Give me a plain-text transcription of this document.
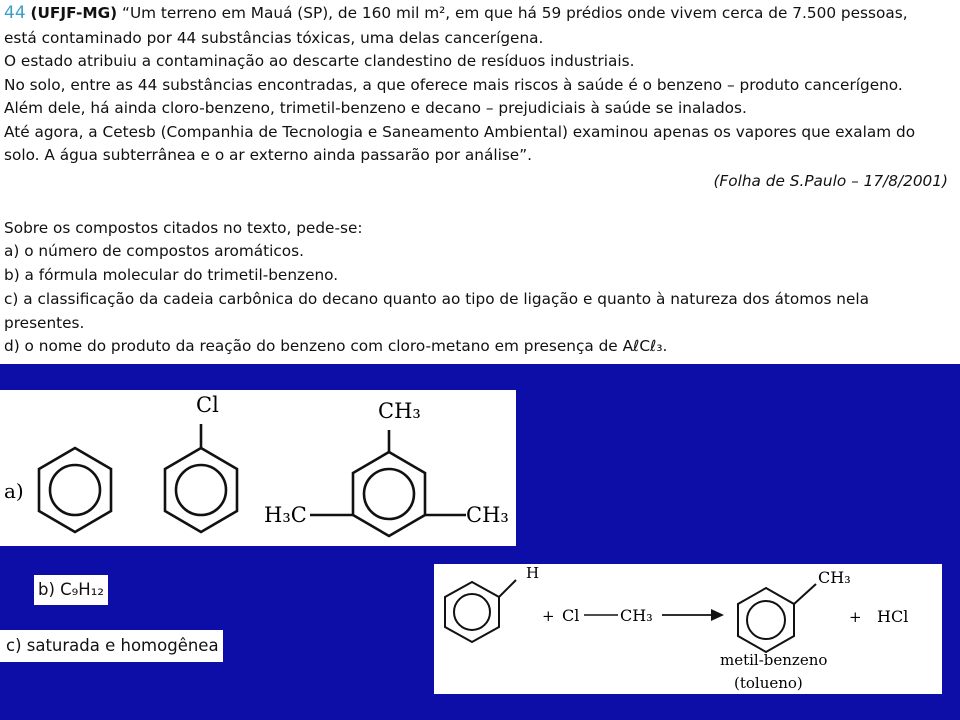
44 (UFJF-MG) “Um terreno em Mauá (SP), de 160 mil m², em que há 59 prédios onde vivem cerca de 7.500 pessoas,
está contaminado por 44 substâncias tóxicas, uma delas cancerígena.
O estado atribuiu a contaminação ao descarte clandestino de resíduos industriais.
No solo, entre as 44 substâncias encontradas, a que oferece mais riscos à saúde é o benzeno – produto cancerígeno.
Além dele, há ainda cloro-benzeno, trimetil-benzeno e decano – prejudiciais à saúde se inalados.
Até agora, a Cetesb (Companhia de Tecnologia e Saneamento Ambiental) examinou apenas os vapores que exalam do
solo. A água subterrânea e o ar externo ainda passarão por análise”.
(Folha de S.Paulo – 17/8/2001)
Sobre os compostos citados no texto, pede-se:
a) o número de compostos aromáticos.
b) a fórmula molecular do trimetil-benzeno.
c) a classificação da cadeia carbônica do decano quanto ao tipo de ligação e quanto à natureza dos átomos nela
presentes.
d) o nome do produto da reação do benzeno com cloro-metano em presença de AℓCℓ₃.
a)
Cl	CH₃
H₃C	CH₃
b) C₉H₁₂
c) saturada e homogênea
H
+ Cl	CH₃
CH₃
+ HCl
metil-benzeno
(tolueno)
